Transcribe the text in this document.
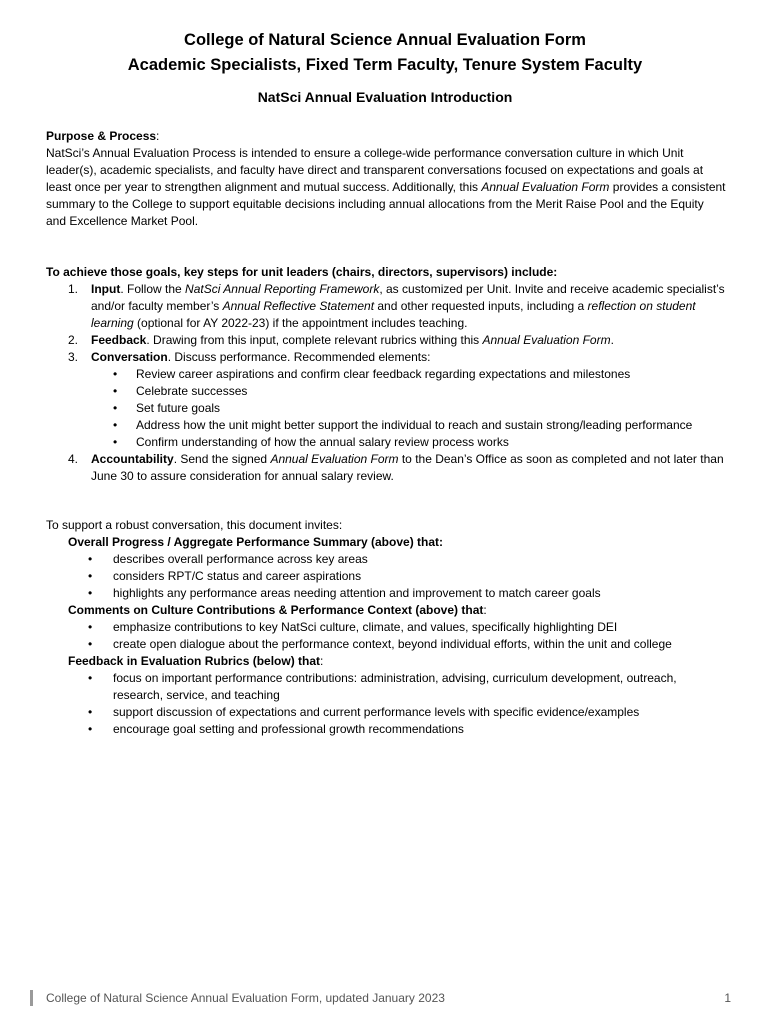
College of Natural Science Annual Evaluation Form
Academic Specialists, Fixed Term Faculty, Tenure System Faculty
NatSci Annual Evaluation Introduction

Purpose & Process:

NatSci’s Annual Evaluation Process is intended to ensure a college-wide performance conversation culture in which Unit leader(s), academic specialists, and faculty have direct and transparent conversations focused on expectations and goals at least once per year to strengthen alignment and mutual success. Additionally, this Annual Evaluation Form provides a consistent summary to the College to support equitable decisions including annual allocations from the Merit Raise Pool and the Equity and Excellence Market Pool.

To achieve those goals, key steps for unit leaders (chairs, directors, supervisors) include:

1. Input. Follow the NatSci Annual Reporting Framework, as customized per Unit. Invite and receive academic specialist’s and/or faculty member’s Annual Reflective Statement and other requested inputs, including a reflection on student learning (optional for AY 2022-23) if the appointment includes teaching.
2. Feedback. Drawing from this input, complete relevant rubrics withing this Annual Evaluation Form.
3. Conversation. Discuss performance. Recommended elements:
• Review career aspirations and confirm clear feedback regarding expectations and milestones
• Celebrate successes
• Set future goals
• Address how the unit might better support the individual to reach and sustain strong/leading performance
• Confirm understanding of how the annual salary review process works
4. Accountability. Send the signed Annual Evaluation Form to the Dean’s Office as soon as completed and not later than June 30 to assure consideration for annual salary review.

To support a robust conversation, this document invites:

Overall Progress / Aggregate Performance Summary (above) that:

• describes overall performance across key areas
• considers RPT/C status and career aspirations
• highlights any performance areas needing attention and improvement to match career goals

Comments on Culture Contributions & Performance Context (above) that:

• emphasize contributions to key NatSci culture, climate, and values, specifically highlighting DEI
• create open dialogue about the performance context, beyond individual efforts, within the unit and college

Feedback in Evaluation Rubrics (below) that:

• focus on important performance contributions: administration, advising, curriculum development, outreach, research, service, and teaching
• support discussion of expectations and current performance levels with specific evidence/examples
• encourage goal setting and professional growth recommendations
College of Natural Science Annual Evaluation Form, updated January 2023	1
